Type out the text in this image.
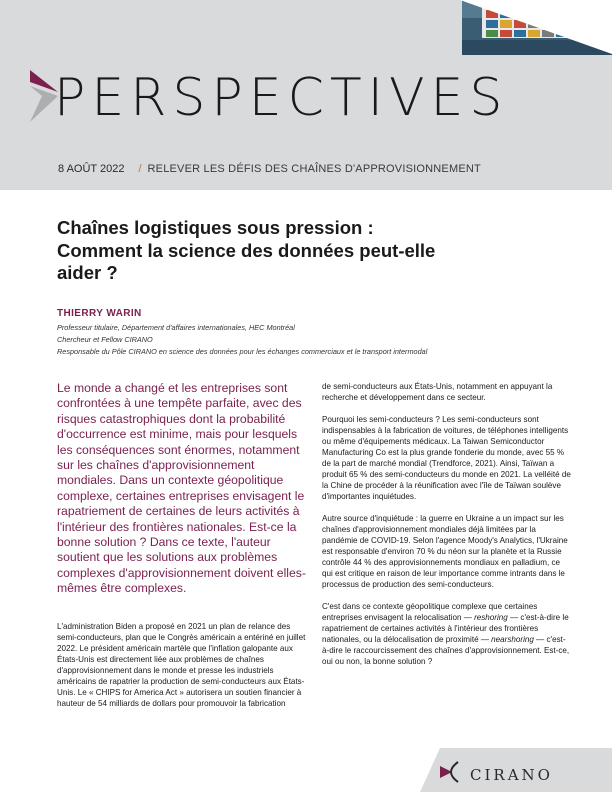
PERSPECTIVES
8 AOÛT 2022 / RELEVER LES DÉFIS DES CHAÎNES D'APPROVISIONNEMENT
Chaînes logistiques sous pression : Comment la science des données peut-elle aider ?
THIERRY WARIN
Professeur titulaire, Département d'affaires internationales, HEC Montréal
Chercheur et Fellow CIRANO
Responsable du Pôle CIRANO en science des données pour les échanges commerciaux et le transport intermodal
Le monde a changé et les entreprises sont confrontées à une tempête parfaite, avec des risques catastrophiques dont la probabilité d'occurrence est minime, mais pour lesquels les conséquences sont énormes, notamment sur les chaînes d'approvisionnement mondiales. Dans un contexte géopolitique complexe, certaines entreprises envisagent le rapatriement de certaines de leurs activités à l'intérieur des frontières nationales. Est-ce la bonne solution ? Dans ce texte, l'auteur soutient que les solutions aux problèmes complexes d'approvisionnement doivent elles-mêmes être complexes.

L'administration Biden a proposé en 2021 un plan de relance des semi-conducteurs, plan que le Congrès américain a entériné en juillet 2022. Le président américain martèle que l'inflation galopante aux États-Unis est directement liée aux problèmes de chaînes d'approvisionnement dans le monde et presse les industriels américains de rapatrier la production de semi-conducteurs aux États-Unis. Le « CHIPS for America Act » autorisera un soutien financier à hauteur de 54 milliards de dollars pour promouvoir la fabrication

de semi-conducteurs aux États-Unis, notamment en appuyant la recherche et développement dans ce secteur.

Pourquoi les semi-conducteurs ? Les semi-conducteurs sont indispensables à la fabrication de voitures, de téléphones intelligents ou même d'équipements médicaux. La Taiwan Semiconductor Manufacturing Co est la plus grande fonderie du monde, avec 55 % de la part de marché mondial (Trendforce, 2021). Ainsi, Taïwan a produit 65 % des semi-conducteurs du monde en 2021. La velléité de la Chine de procéder à la réunification avec l'île de Taïwan soulève d'importantes inquiétudes.

Autre source d'inquiétude : la guerre en Ukraine a un impact sur les chaînes d'approvisionnement mondiales déjà limitées par la pandémie de COVID-19. Selon l'agence Moody's Analytics, l'Ukraine est responsable d'environ 70 % du néon sur la planète et la Russie contrôle 44 % des approvisionnements mondiaux en palladium, ce qui est critique en raison de leur importance comme intrants dans le processus de production des semi-conducteurs.

C'est dans ce contexte géopolitique complexe que certaines entreprises envisagent la relocalisation — reshoring — c'est-à-dire le rapatriement de certaines activités à l'intérieur des frontières nationales, ou la délocalisation de proximité — nearshoring — c'est-à-dire le raccourcissement des chaînes d'approvisionnement. Est-ce, oui ou non, la bonne solution ?

CIRANO
